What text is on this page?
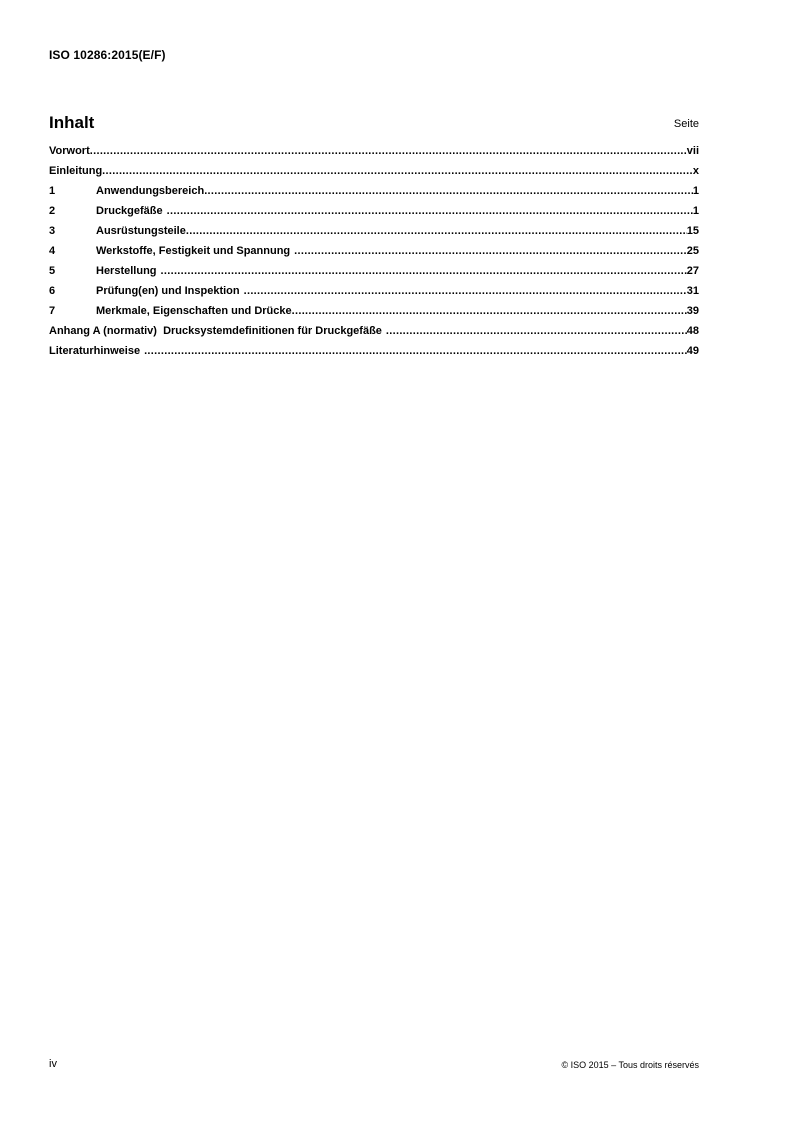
ISO 10286:2015(E/F)
Inhalt	Seite
Vorwort .....	vii
Einleitung .....	x
1	Anwendungsbereich .....	1
2	Druckgefäße .....	1
3	Ausrüstungsteile .....	15
4	Werkstoffe, Festigkeit und Spannung .....	25
5	Herstellung .....	27
6	Prüfung(en) und Inspektion .....	31
7	Merkmale, Eigenschaften und Drücke .....	39
Anhang A (normativ)  Drucksystemdefinitionen für Druckgefäße .....	48
Literaturhinweise .....	49
iv	© ISO 2015 – Tous droits réservés
